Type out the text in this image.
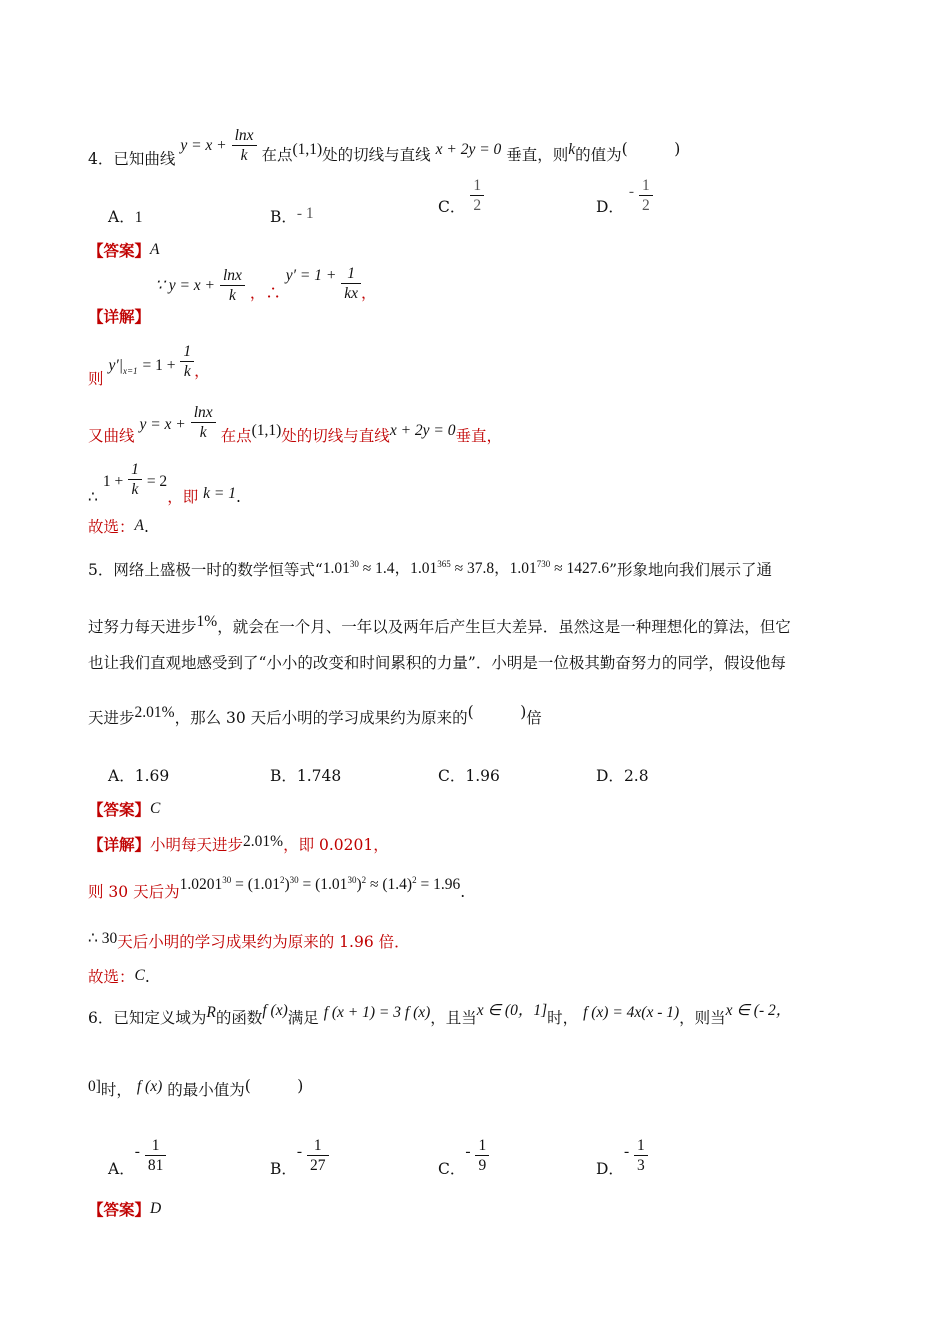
4．已知曲线 $y = x + \frac{\ln x}{k}$ 在点(1,1)处的切线与直线 x + 2y = 0 垂直，则k的值为(　　　)
A．1	B．- 1	C． $\frac{1}{2}$	D． - $\frac{1}{2}$
【答案】A
【详解】 ∵ $y = x + \frac{\ln x}{k}$ ，∴ $y' = 1 + \frac{1}{kx}$ ，
则 $y'|_{x=1} = 1 + \frac{1}{k}$ ，
又曲线 $y = x + \frac{\ln x}{k}$ 在点(1,1)处的切线与直线x + 2y = 0垂直，
∴ $1 + \frac{1}{k} = 2$，即 k = 1.
故选：A.
5．网络上盛极一时的数学恒等式“$1.01^{30} \approx 1.4$，$1.01^{365} \approx 37.8$，$1.01^{730} \approx 1427.6$”形象地向我们展示了通
过努力每天进步1%，就会在一个月、一年以及两年后产生巨大差异．虽然这是一种理想化的算法，但它
也让我们直观地感受到了“小小的改变和时间累积的力量”．小明是一位极其勤奋努力的同学，假设他每
天进步2.01%，那么 30 天后小明的学习成果约为原来的(　　　)倍
A．1.69	B．1.748	C．1.96	D．2.8
【答案】C
【详解】小明每天进步2.01%，即 0.0201，
则 30 天后为$1.0201^{30} = (1.01^2)^{30} = (1.01^{30})^2 \approx (1.4)^2 = 1.96$.
∴ 30天后小明的学习成果约为原来的 1.96 倍．
故选：C.
6．已知定义域为R的函数f (x)满足 f (x + 1) = 3 f (x)，且当x ∈ (0，1]时， f (x) = 4x(x - 1)，则当x ∈ (- 2，
0]时， f (x) 的最小值为(　　　)
A．- $\frac{1}{81}$	B．- $\frac{1}{27}$	C．- $\frac{1}{9}$	D．- $\frac{1}{3}$
【答案】D
